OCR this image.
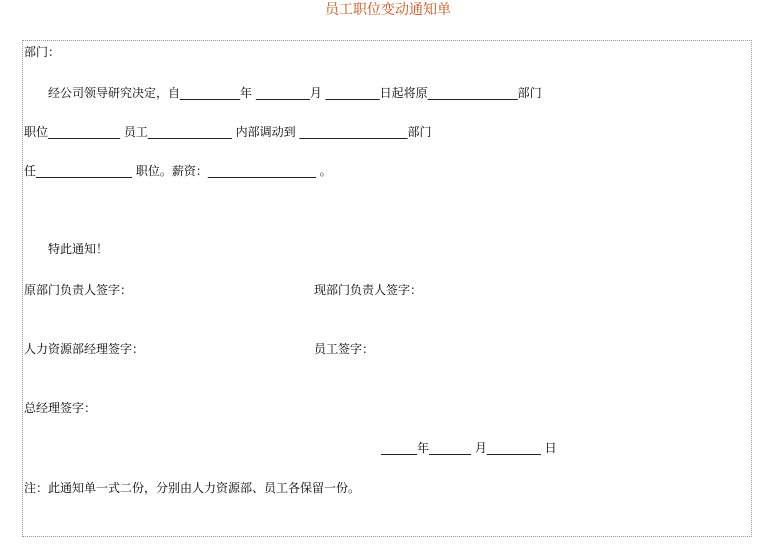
员工职位变动通知单
部门：
经公司领导研究决定，自__________年 _________月 _________日起将原_______________部门
职位____________ 员工______________ 内部调动到 __________________部门
任________________ 职位。薪资：__________________ 。
特此通知！
原部门负责人签字：	现部门负责人签字：
人力资源部经理签字：	员工签字：
总经理签字：
______年_______ 月_________ 日
注：此通知单一式二份，分别由人力资源部、员工各保留一份。
